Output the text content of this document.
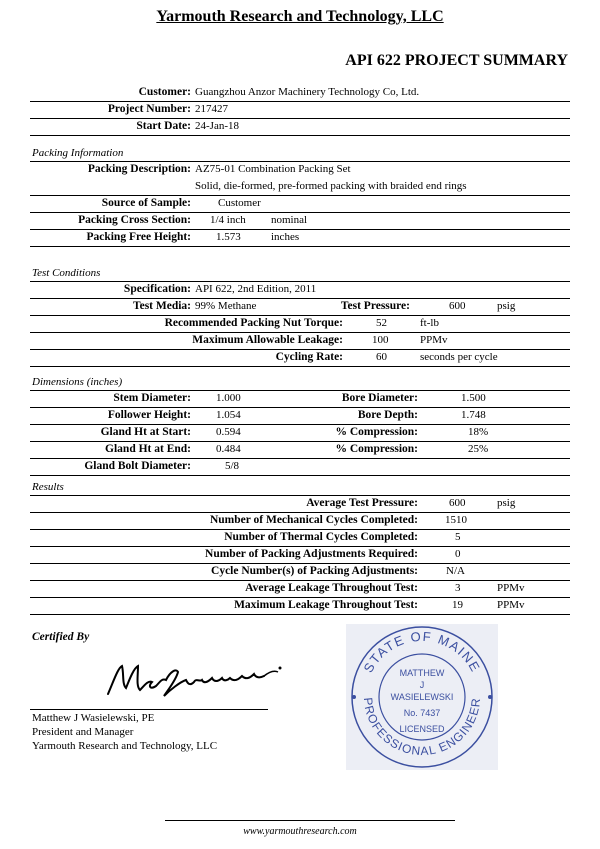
Yarmouth Research and Technology, LLC
API 622 PROJECT SUMMARY
Customer: Guangzhou Anzor Machinery Technology Co, Ltd.
Project Number: 217427
Start Date: 24-Jan-18
Packing Information
Packing Description: AZ75-01 Combination Packing Set
Solid, die-formed, pre-formed packing with braided end rings
Source of Sample: Customer
Packing Cross Section: 1/4 inch nominal
Packing Free Height: 1.573	inches
Test Conditions
Specification: API 622, 2nd Edition, 2011
Test Media: 99% Methane	Test Pressure:	600	psig
Recommended Packing Nut Torque:	52	ft-lb
Maximum Allowable Leakage:	100	PPMv
Cycling Rate:	60	seconds per cycle
Dimensions (inches)
Stem Diameter: 1.000	Bore Diameter:	1.500
Follower Height: 1.054	Bore Depth:	1.748
Gland Ht at Start: 0.594	% Compression:	18%
Gland Ht at End: 0.484	% Compression:	25%
Gland Bolt Diameter:	5/8
Results
Average Test Pressure:	600	psig
Number of Mechanical Cycles Completed: 1510
Number of Thermal Cycles Completed:	5
Number of Packing Adjustments Required:	0
Cycle Number(s) of Packing Adjustments:	N/A
Average Leakage Throughout Test:	3	PPMv
Maximum Leakage Throughout Test:	19	PPMv
Certified By
Matthew J Wasielewski, PE
President and Manager
Yarmouth Research and Technology, LLC
STATE OF MAINE
PROFESSIONAL ENGINEER
MATTHEW
J
WASIELEWSKI
No. 7437
LICENSED
www.yarmouthresearch.com
